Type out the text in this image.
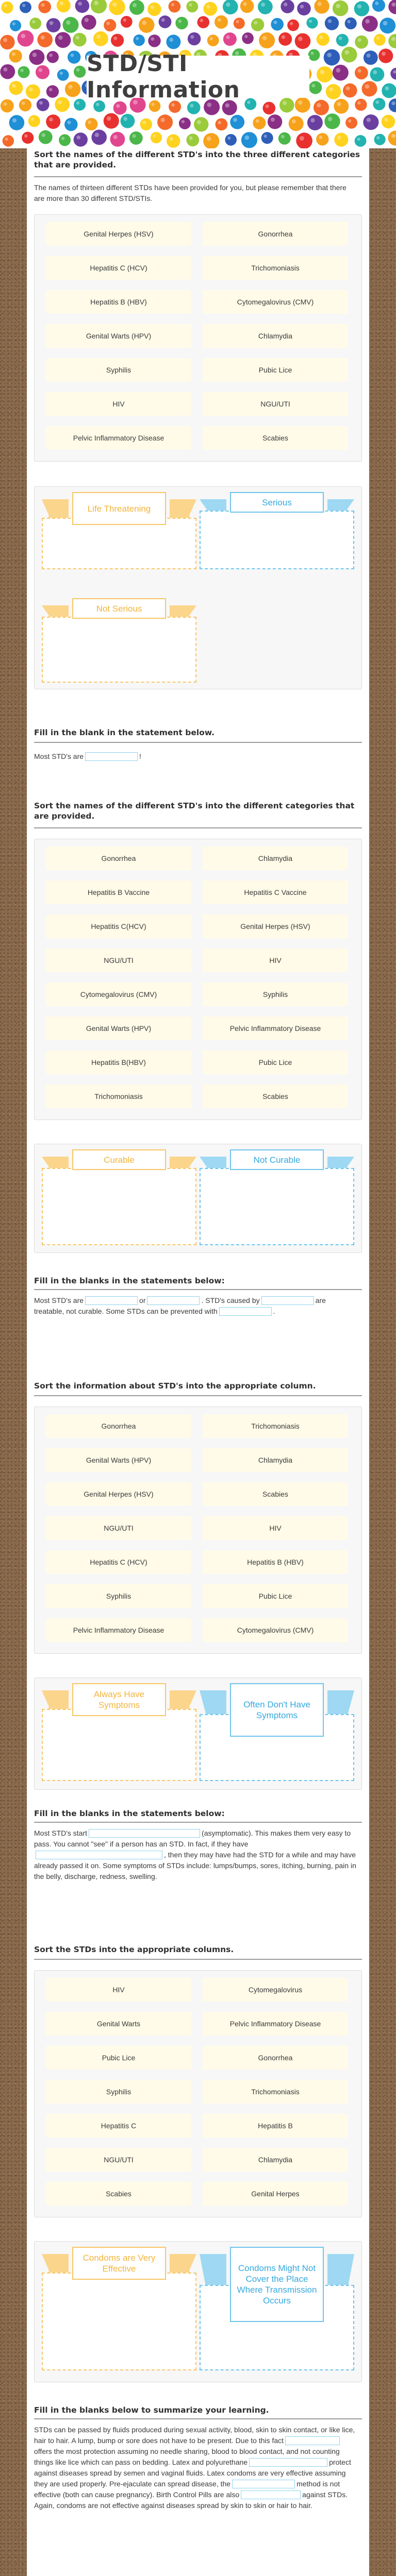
STD/STI Information

Sort the names of the different STD's into the three different categories that are provided.

The names of thirteen different STDs have been provided for you, but please remember that there are more than 30 different STD/STIs.

Genital Herpes (HSV)
Hepatitis C (HCV)
Hepatitis B (HBV)
Genital Warts (HPV)
Syphilis
HIV
Pelvic Inflammatory Disease
Gonorrhea
Trichomoniasis
Cytomegalovirus (CMV)
Chlamydia
Pubic Lice
NGU/UTI
Scabies
Life Threatening
Serious
Not Serious

Fill in the blank in the statement below.

Most STD's are	!

Sort the names of the different STD's into the different categories that are provided.

Gonorrhea
Hepatitis B Vaccine
Hepatitis C(HCV)
NGU/UTI
Cytomegalovirus (CMV)
Genital Warts (HPV)
Hepatitis B(HBV)
Trichomoniasis
Chlamydia
Hepatitis C Vaccine
Genital Herpes (HSV)
HIV
Syphilis
Pelvic Inflammatory Disease
Pubic Lice
Scabies
Curable	Not Curable

Fill in the blanks in the statements below:

Most STD's are	or	. STD's caused by	are treatable, not curable. Some STDs can be prevented with	.

Sort the information about STD's into the appropriate column.

Gonorrhea
Genital Warts (HPV)
Genital Herpes (HSV)
NGU/UTI
Hepatitis C (HCV)
Syphilis
Pelvic Inflammatory Disease
Trichomoniasis
Chlamydia
Scabies
HIV
Hepatitis B (HBV)
Pubic Lice
Cytomegalovirus (CMV)
Always Have Symptoms	Often Don't Have Symptoms

Fill in the blanks in the statements below:

Most STD's start	(asymptomatic). This makes them very easy to pass. You cannot "see" if a person has an STD. In fact, if they have, then they may have had the STD for a while and may have already passed it on. Some symptoms of STDs include: lumps/bumps, sores, itching, burning, pain in the belly, discharge, redness, swelling.

Sort the STDs into the appropriate columns.

HIV
Genital Warts
Pubic Lice
Syphilis
Hepatitis C
NGU/UTI
Scabies
Cytomegalovirus
Pelvic Inflammatory Disease
Gonorrhea
Trichomoniasis
Hepatitis B
Chlamydia
Genital Herpes
Condoms are Very Effective	Condoms Might Not Cover the Place Where Transmission Occurs

Fill in the blanks below to summarize your learning.

STDs can be passed by fluids produced during sexual activity, blood, skin to skin contact, or like lice, hair to hair. A lump, bump or sore does not have to be present. Due to this factoffers the most protection assuming no needle sharing, blood to blood contact, and not counting things like lice which can pass on bedding. Latex and polyurethane	protect against diseases spread by semen and vaginal fluids. Latex condoms are very effective assuming they are used properly. Pre-ejaculate can spread disease, the	method is not effective (both can cause pregnancy). Birth Control Pills are also	against STDs. Again, condoms are not effective against diseases spread by skin to skin or hair to hair.
